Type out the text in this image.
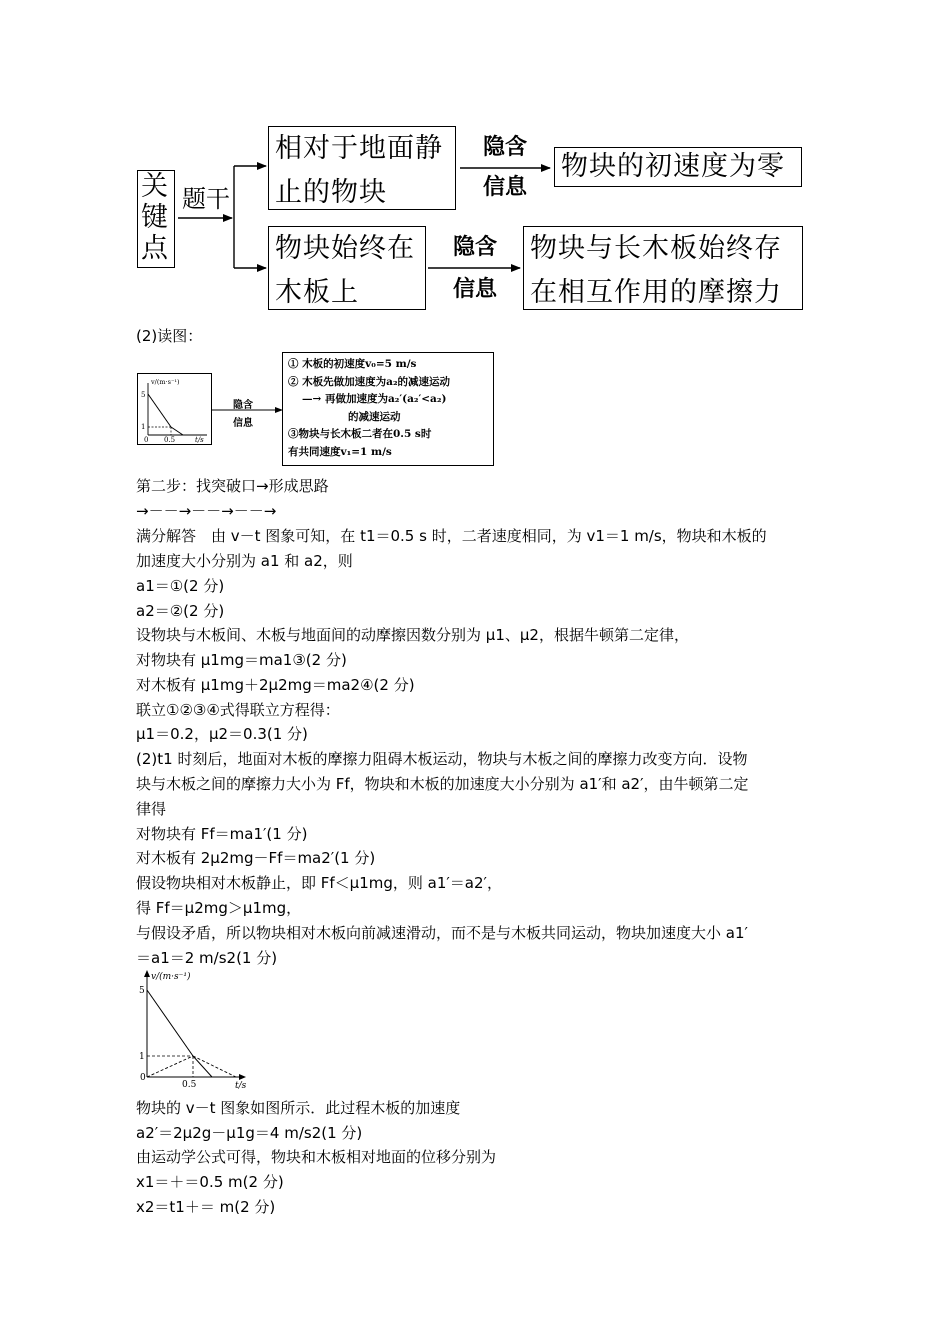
关键点
题干
相对于地面静止的物块
隐含
信息
物块的初速度为零
物块始终在木板上
隐含
信息
物块与长木板始终存在相互作用的摩擦力
(2)读图：
v/(m·s⁻¹)
t/s
5
1
0 0.5
隐含
信息
① 木板的初速度v₀=5 m/s
② 木板先做加速度为a₂的减速运动
—→ 再做加速度为a₂′(a₂′<a₂)
的减速运动
③物块与长木板二者在0.5 s时
有共同速度v₁=1 m/s
第二步：找突破口→形成思路
→－－→－－→－－→
满分解答　由 v－t 图象可知，在 t1＝0.5 s 时，二者速度相同，为 v1＝1 m/s，物块和木板的
加速度大小分别为 a1 和 a2，则
a1＝①(2 分)
a2＝②(2 分)
设物块与木板间、木板与地面间的动摩擦因数分别为 μ1、μ2，根据牛顿第二定律，
对物块有 μ1mg＝ma1③(2 分)
对木板有 μ1mg＋2μ2mg＝ma2④(2 分)
联立①②③④式得联立方程得：
μ1＝0.2，μ2＝0.3(1 分)
(2)t1 时刻后，地面对木板的摩擦力阻碍木板运动，物块与木板之间的摩擦力改变方向．设物
块与木板之间的摩擦力大小为 Ff，物块和木板的加速度大小分别为 a1′和 a2′，由牛顿第二定
律得
对物块有 Ff＝ma1′(1 分)
对木板有 2μ2mg－Ff＝ma2′(1 分)
假设物块相对木板静止，即 Ff＜μ1mg，则 a1′＝a2′，
得 Ff＝μ2mg＞μ1mg，
与假设矛盾，所以物块相对木板向前减速滑动，而不是与木板共同运动，物块加速度大小 a1′
＝a1＝2 m/s2(1 分)
v/(m·s⁻¹)
t/s
5
1
0
0.5
物块的 v－t 图象如图所示．此过程木板的加速度
a2′＝2μ2g－μ1g＝4 m/s2(1 分)
由运动学公式可得，物块和木板相对地面的位移分别为
x1＝＋＝0.5 m(2 分)
x2＝t1＋＝ m(2 分)
